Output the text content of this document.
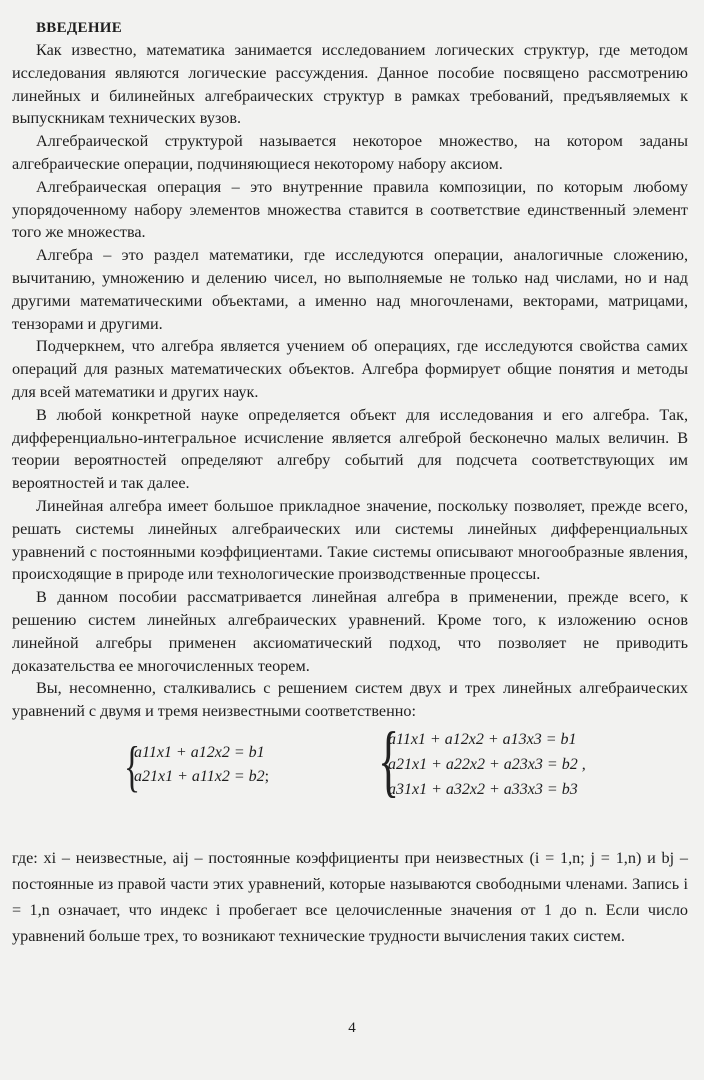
ВВЕДЕНИЕ

Как известно, математика занимается исследованием логических структур, где методом исследования являются логические рассуждения. Данное пособие посвящено рассмотрению линейных и билинейных алгебраических структур в рамках требований, предъявляемых к выпускникам технических вузов.

Алгебраической структурой называется некоторое множество, на котором заданы алгебраические операции, подчиняющиеся некоторому набору аксиом.

Алгебраическая операция – это внутренние правила композиции, по которым любому упорядоченному набору элементов множества ставится в соответствие единственный элемент того же множества.

Алгебра – это раздел математики, где исследуются операции, аналогичные сложению, вычитанию, умножению и делению чисел, но выполняемые не только над числами, но и над другими математическими объектами, а именно над многочленами, векторами, матрицами, тензорами и другими.

Подчеркнем, что алгебра является учением об операциях, где исследуются свойства самих операций для разных математических объектов. Алгебра формирует общие понятия и методы для всей математики и других наук.

В любой конкретной науке определяется объект для исследования и его алгебра. Так, дифференциально-интегральное исчисление является алгеброй бесконечно малых величин. В теории вероятностей определяют алгебру событий для подсчета соответствующих им вероятностей и так далее.

Линейная алгебра имеет большое прикладное значение, поскольку позволяет, прежде всего, решать системы линейных алгебраических или системы линейных дифференциальных уравнений с постоянными коэффициентами. Такие системы описывают многообразные явления, происходящие в природе или технологические производственные процессы.

В данном пособии рассматривается линейная алгебра в применении, прежде всего, к решению систем линейных алгебраических уравнений. Кроме того, к изложению основ линейной алгебры применен аксиоматический подход, что позволяет не приводить доказательства ее многочисленных теорем.

Вы, несомненно, сталкивались с решением систем двух и трех линейных алгебраических уравнений с двумя и тремя неизвестными соответственно:

{
a11x1 + a12x2 = b1
a21x1 + a11x2 = b2; {
a11x1 + a12x2 + a13x3 = b1
a21x1 + a22x2 + a23x3 = b2 ,
a31x1 + a32x2 + a33x3 = b3

где: xi – неизвестные, aij – постоянные коэффициенты при неизвестных (i = 1,n; j = 1,n) и bj – постоянные из правой части этих уравнений, которые называются свободными членами. Запись i = 1,n означает, что индекс i пробегает все целочисленные значения от 1 до n. Если число уравнений больше трех, то возникают технические трудности вычисления таких систем.

4
